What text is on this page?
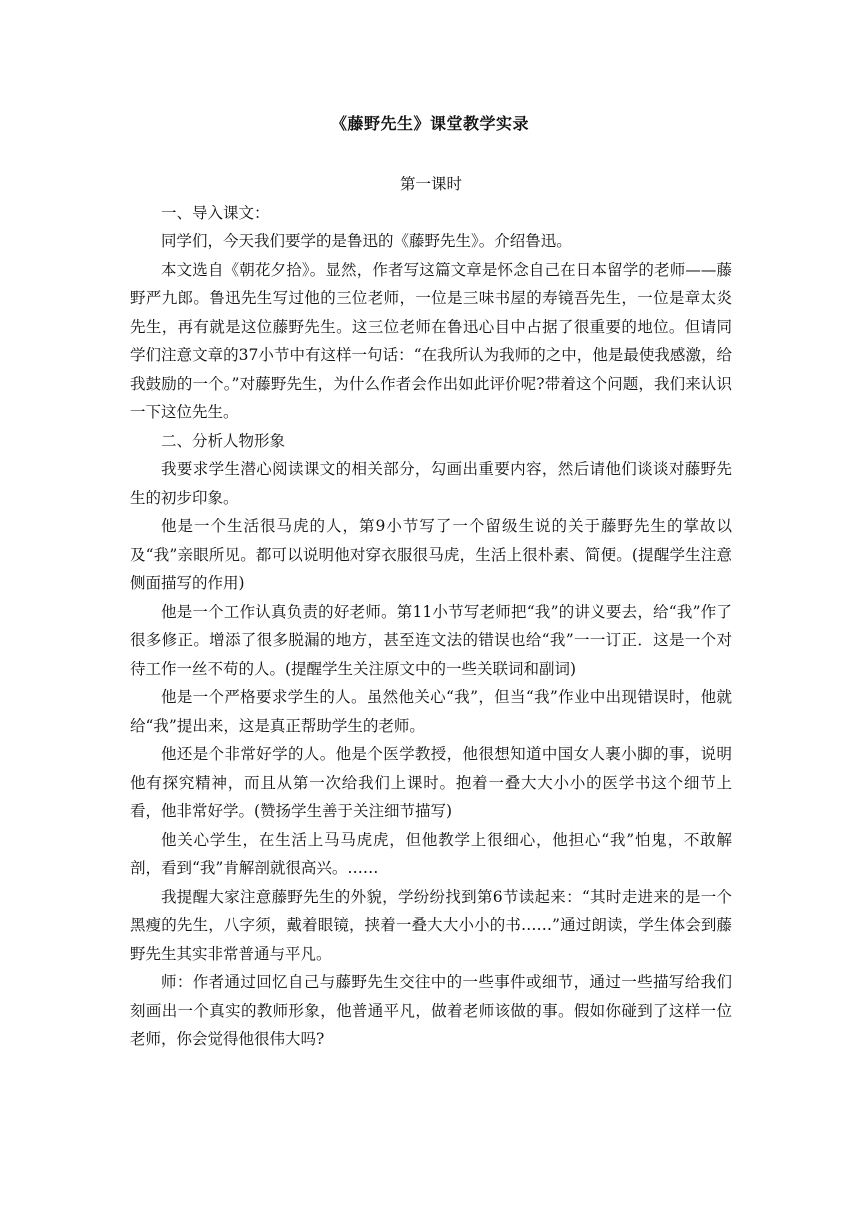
《藤野先生》课堂教学实录

第一课时

一、导入课文：

同学们，今天我们要学的是鲁迅的《藤野先生》。介绍鲁迅。

本文选自《朝花夕拾》。显然，作者写这篇文章是怀念自己在日本留学的老师——藤野严九郎。鲁迅先生写过他的三位老师，一位是三味书屋的寿镜吾先生，一位是章太炎先生，再有就是这位藤野先生。这三位老师在鲁迅心目中占据了很重要的地位。但请同学们注意文章的37小节中有这样一句话：“在我所认为我师的之中，他是最使我感激，给我鼓励的一个。”对藤野先生，为什么作者会作出如此评价呢?带着这个问题，我们来认识一下这位先生。

二、分析人物形象

我要求学生潜心阅读课文的相关部分，勾画出重要内容，然后请他们谈谈对藤野先生的初步印象。

他是一个生活很马虎的人，第9小节写了一个留级生说的关于藤野先生的掌故以及“我”亲眼所见。都可以说明他对穿衣服很马虎，生活上很朴素、简便。(提醒学生注意侧面描写的作用)

他是一个工作认真负责的好老师。第11小节写老师把“我”的讲义要去，给“我”作了很多修正。增添了很多脱漏的地方，甚至连文法的错误也给“我”一一订正．这是一个对待工作一丝不苟的人。(提醒学生关注原文中的一些关联词和副词)

他是一个严格要求学生的人。虽然他关心“我”，但当“我”作业中出现错误时，他就给“我”提出来，这是真正帮助学生的老师。

他还是个非常好学的人。他是个医学教授，他很想知道中国女人裹小脚的事，说明他有探究精神，而且从第一次给我们上课时。抱着一叠大大小小的医学书这个细节上看，他非常好学。(赞扬学生善于关注细节描写)

他关心学生，在生活上马马虎虎，但他教学上很细心，他担心“我”怕鬼，不敢解剖，看到“我”肯解剖就很高兴。……

我提醒大家注意藤野先生的外貌，学纷纷找到第6节读起来：“其时走进来的是一个黑瘦的先生，八字须，戴着眼镜，挟着一叠大大小小的书……”通过朗读，学生体会到藤野先生其实非常普通与平凡。

师：作者通过回忆自己与藤野先生交往中的一些事件或细节，通过一些描写给我们刻画出一个真实的教师形象，他普通平凡，做着老师该做的事。假如你碰到了这样一位老师，你会觉得他很伟大吗?
